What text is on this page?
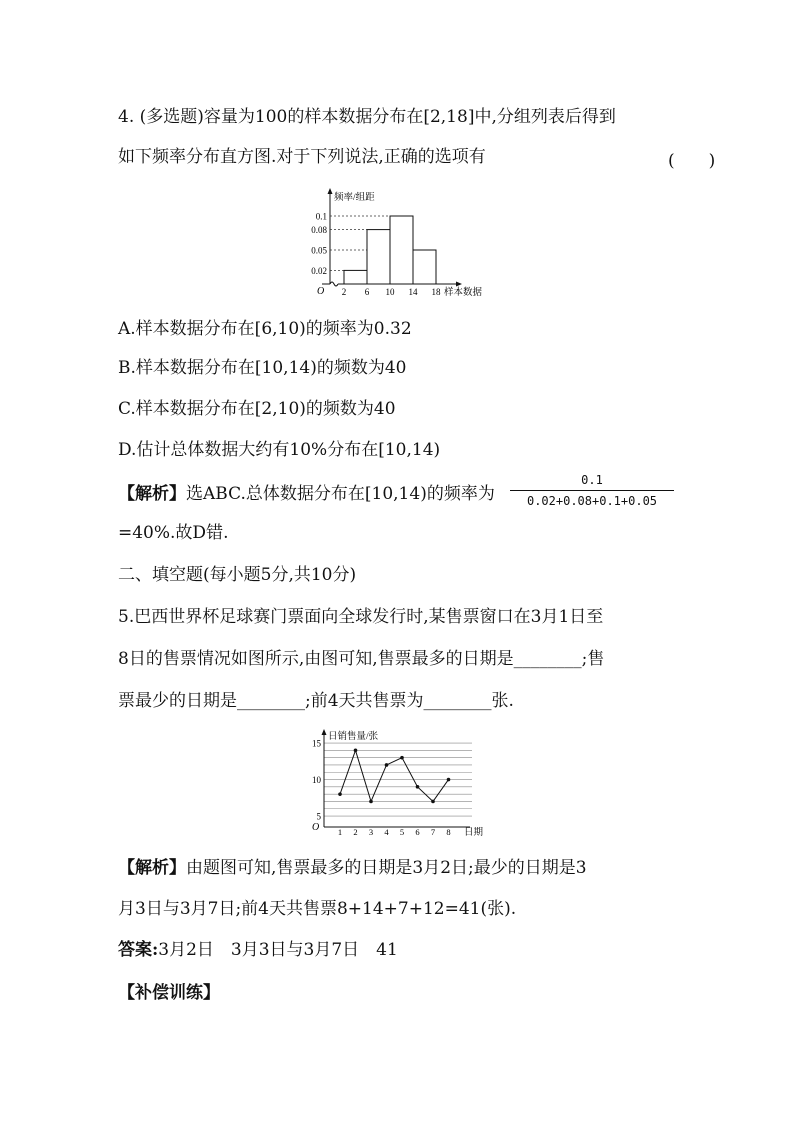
4. (多选题)容量为100的样本数据分布在[2,18]中,分组列表后得到
如下频率分布直方图.对于下列说法,正确的选项有	(　　)
O
频率/组距
样本数据
0.02
0.05
0.08
0.1
2 6 10 14 18
A.样本数据分布在[6,10)的频率为0.32
B.样本数据分布在[10,14)的频数为40
C.样本数据分布在[2,10)的频数为40
D.估计总体数据大约有10%分布在[10,14)
【解析】选ABC.总体数据分布在[10,14)的频率为 $\frac{0.1}{0.02+0.08+0.1+0.05}$
=40%.故D错.
二、填空题(每小题5分,共10分)
5.巴西世界杯足球赛门票面向全球发行时,某售票窗口在3月1日至
8日的售票情况如图所示,由图可知,售票最多的日期是________;售
票最少的日期是________;前4天共售票为________张.
O
日销售量/张
日期
5
10
15
1 2 3 4 5 6 7 8
【解析】由题图可知,售票最多的日期是3月2日;最少的日期是3
月3日与3月7日;前4天共售票8+14+7+12=41(张).
答案:3月2日　3月3日与3月7日　41
【补偿训练】
